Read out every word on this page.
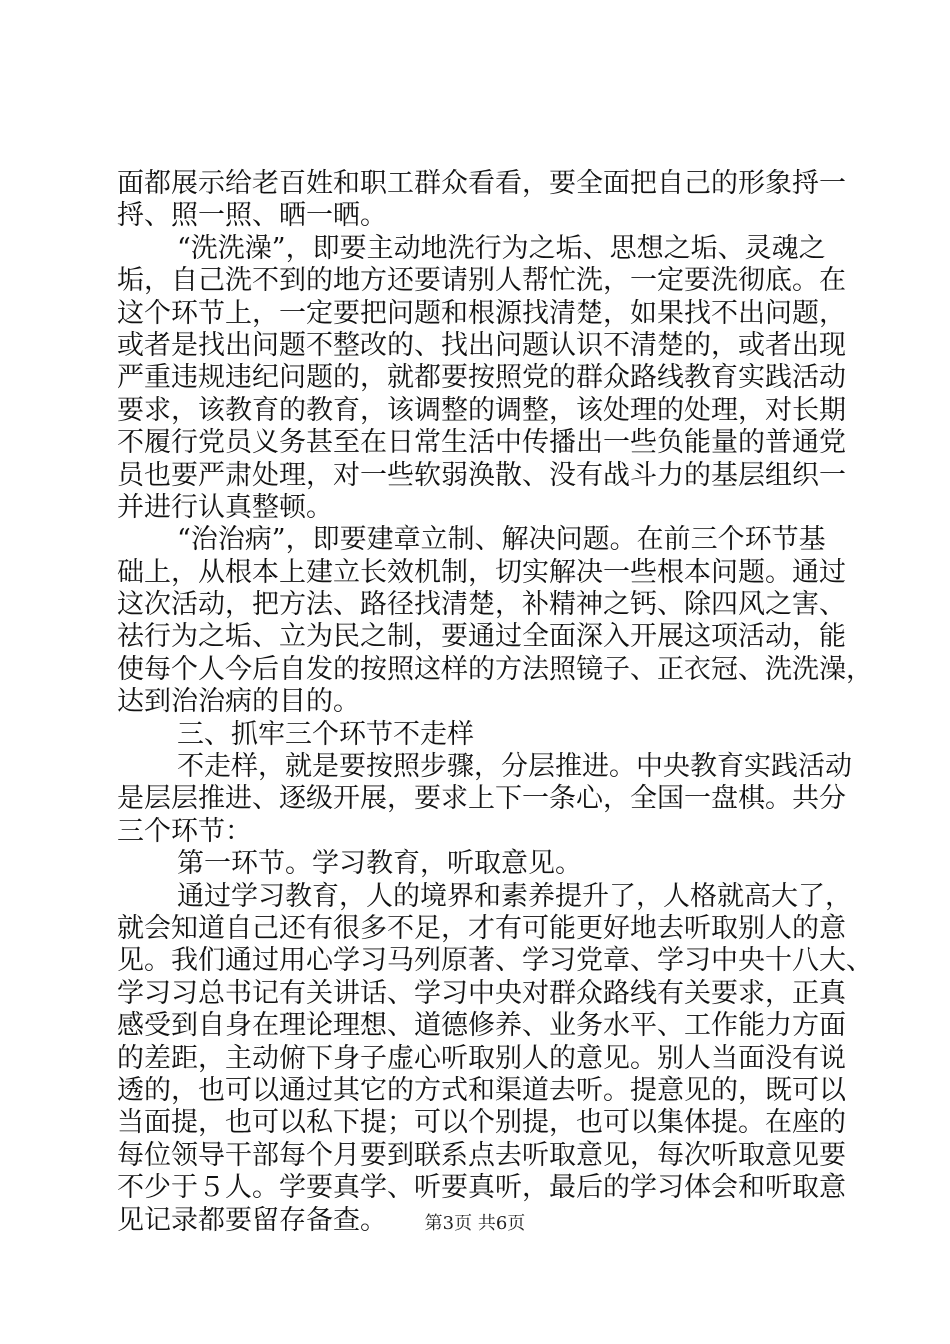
面都展示给老百姓和职工群众看看，要全面把自己的形象捋一
捋、照一照、晒一晒。
“洗洗澡”，即要主动地洗行为之垢、思想之垢、灵魂之
垢，自己洗不到的地方还要请别人帮忙洗，一定要洗彻底。在
这个环节上，一定要把问题和根源找清楚，如果找不出问题，
或者是找出问题不整改的、找出问题认识不清楚的，或者出现
严重违规违纪问题的，就都要按照党的群众路线教育实践活动
要求，该教育的教育，该调整的调整，该处理的处理，对长期
不履行党员义务甚至在日常生活中传播出一些负能量的普通党
员也要严肃处理，对一些软弱涣散、没有战斗力的基层组织一
并进行认真整顿。
“治治病”，即要建章立制、解决问题。在前三个环节基
础上，从根本上建立长效机制，切实解决一些根本问题。通过
这次活动，把方法、路径找清楚，补精神之钙、除四风之害、
祛行为之垢、立为民之制，要通过全面深入开展这项活动，能
使每个人今后自发的按照这样的方法照镜子、正衣冠、洗洗澡，
达到治治病的目的。
三、抓牢三个环节不走样
不走样，就是要按照步骤，分层推进。中央教育实践活动
是层层推进、逐级开展，要求上下一条心，全国一盘棋。共分
三个环节：
第一环节。学习教育，听取意见。
通过学习教育，人的境界和素养提升了，人格就高大了，
就会知道自己还有很多不足，才有可能更好地去听取别人的意
见。我们通过用心学习马列原著、学习党章、学习中央十八大、
学习习总书记有关讲话、学习中央对群众路线有关要求，正真
感受到自身在理论理想、道德修养、业务水平、工作能力方面
的差距，主动俯下身子虚心听取别人的意见。别人当面没有说
透的，也可以通过其它的方式和渠道去听。提意见的，既可以
当面提，也可以私下提；可以个别提，也可以集体提。在座的
每位领导干部每个月要到联系点去听取意见，每次听取意见要
不少于５人。学要真学、听要真听，最后的学习体会和听取意
见记录都要留存备查。	第3页 共6页
